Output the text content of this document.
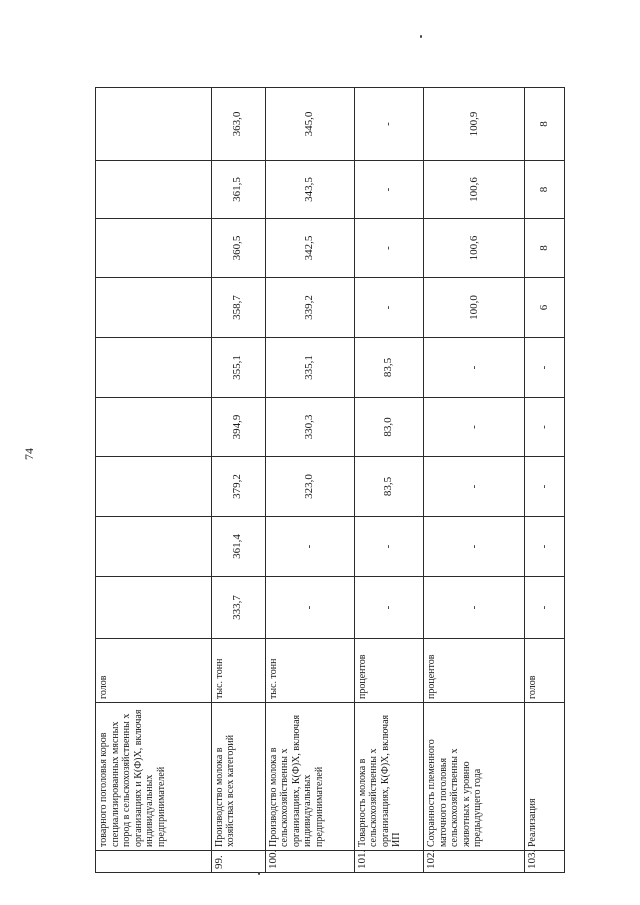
74
	товарного поголовья коров специализированных мясных пород в сельскохозяйственны х организациях и К(Ф)Х, включая индивидуальных предпринимателей	голов									
99.	Производство молока в хозяйствах всех категорий	тыс. тонн	333,7	361,4	379,2	394,9	355,1	358,7	360,5	361,5	363,0
100.	Производство молока в сельскохозяйственны х организациях, К(Ф)Х, включая индивидуальных предпринимателей	тыс. тонн	-	-	323,0	330,3	335,1	339,2	342,5	343,5	345,0
101.	Товарность молока в сельскохозяйственны х организациях, К(Ф)Х, включая ИП	процентов	-	-	83,5	83,0	83,5	-	-	-	-
102.	Сохранность племенного маточного поголовья сельскохозяйственны х животных к уровню предыдущего года	процентов	-	-	-	-	-	100,0	100,6	100,6	100,9
103.	Реализация	голов	-	-	-	-	-	6	8	8	8
